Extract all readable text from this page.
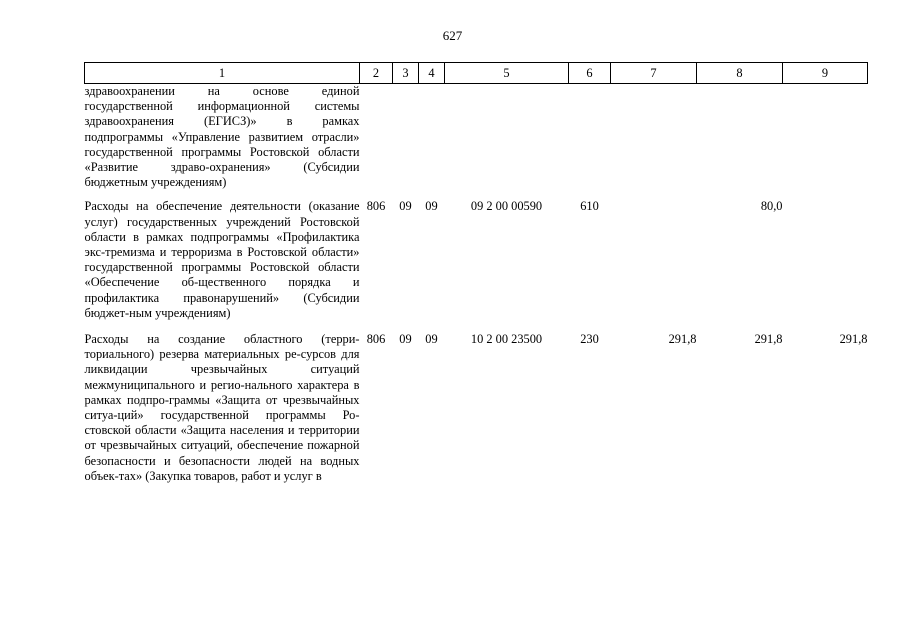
627
1	2	3	4	5	6	7	8	9
здравоохранении на основе единой государственной информационной системы здравоохранения (ЕГИСЗ)» в рамках подпрограммы «Управление развитием отрасли» государственной программы Ростовской области «Развитие здраво-охранения» (Субсидии бюджетным учреждениям)								
Расходы на обеспечение деятельности (оказание услуг) государственных учреждений Ростовской области в рамках подпрограммы «Профилактика экс-тремизма и терроризма в Ростовской области» государственной программы Ростовской области «Обеспечение об-щественного порядка и профилактика правонарушений» (Субсидии бюджет-ным учреждениям)	806	09	09	09 2 00 00590	610		80,0	
Расходы на создание областного (терри-ториального) резерва материальных ре-сурсов для ликвидации чрезвычайных ситуаций межмуниципального и регио-нального характера в рамках подпро-граммы «Защита от чрезвычайных ситуа-ций» государственной программы Ро-стовской области «Защита населения и территории от чрезвычайных ситуаций, обеспечение пожарной безопасности и безопасности людей на водных объек-тах» (Закупка товаров, работ и услуг в	806	09	09	10 2 00 23500	230	291,8	291,8	291,8
